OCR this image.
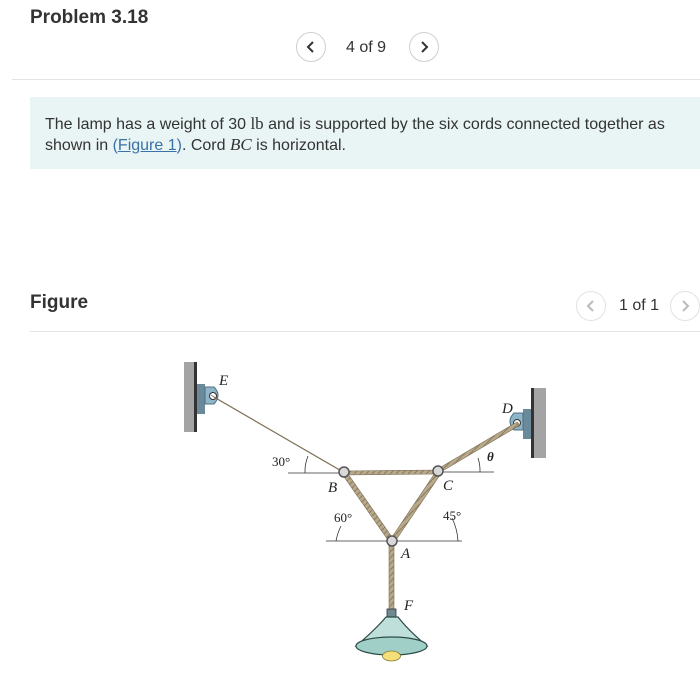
Problem 3.18
4 of 9
The lamp has a weight of 30 lb and is supported by the six cords connected together as shown in (Figure 1). Cord BC is horizontal.
Figure	1 of 1
E
D
B	C
A
F
30°	θ
60°	45°
